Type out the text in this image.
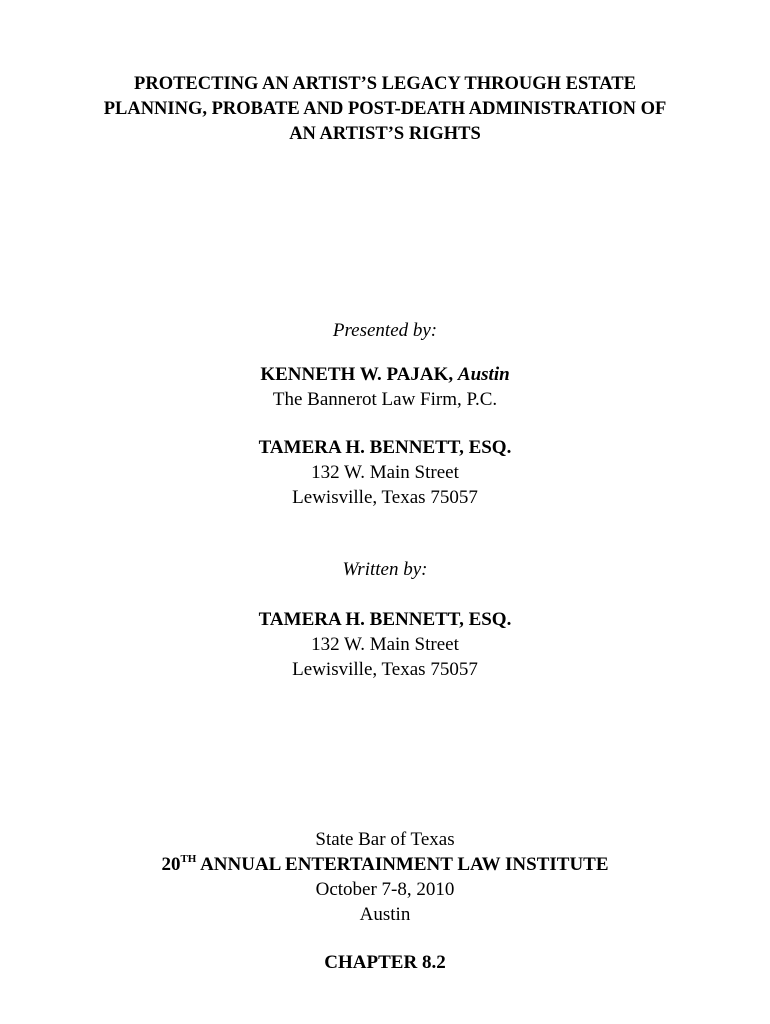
PROTECTING AN ARTIST’S LEGACY THROUGH ESTATE
PLANNING, PROBATE AND POST-DEATH ADMINISTRATION OF
AN ARTIST’S RIGHTS
Presented by:
KENNETH W. PAJAK, Austin
The Bannerot Law Firm, P.C.
TAMERA H. BENNETT, ESQ.
132 W. Main Street
Lewisville, Texas 75057
Written by:
TAMERA H. BENNETT, ESQ.
132 W. Main Street
Lewisville, Texas 75057
State Bar of Texas
20TH ANNUAL ENTERTAINMENT LAW INSTITUTE
October 7-8, 2010
Austin
CHAPTER 8.2
